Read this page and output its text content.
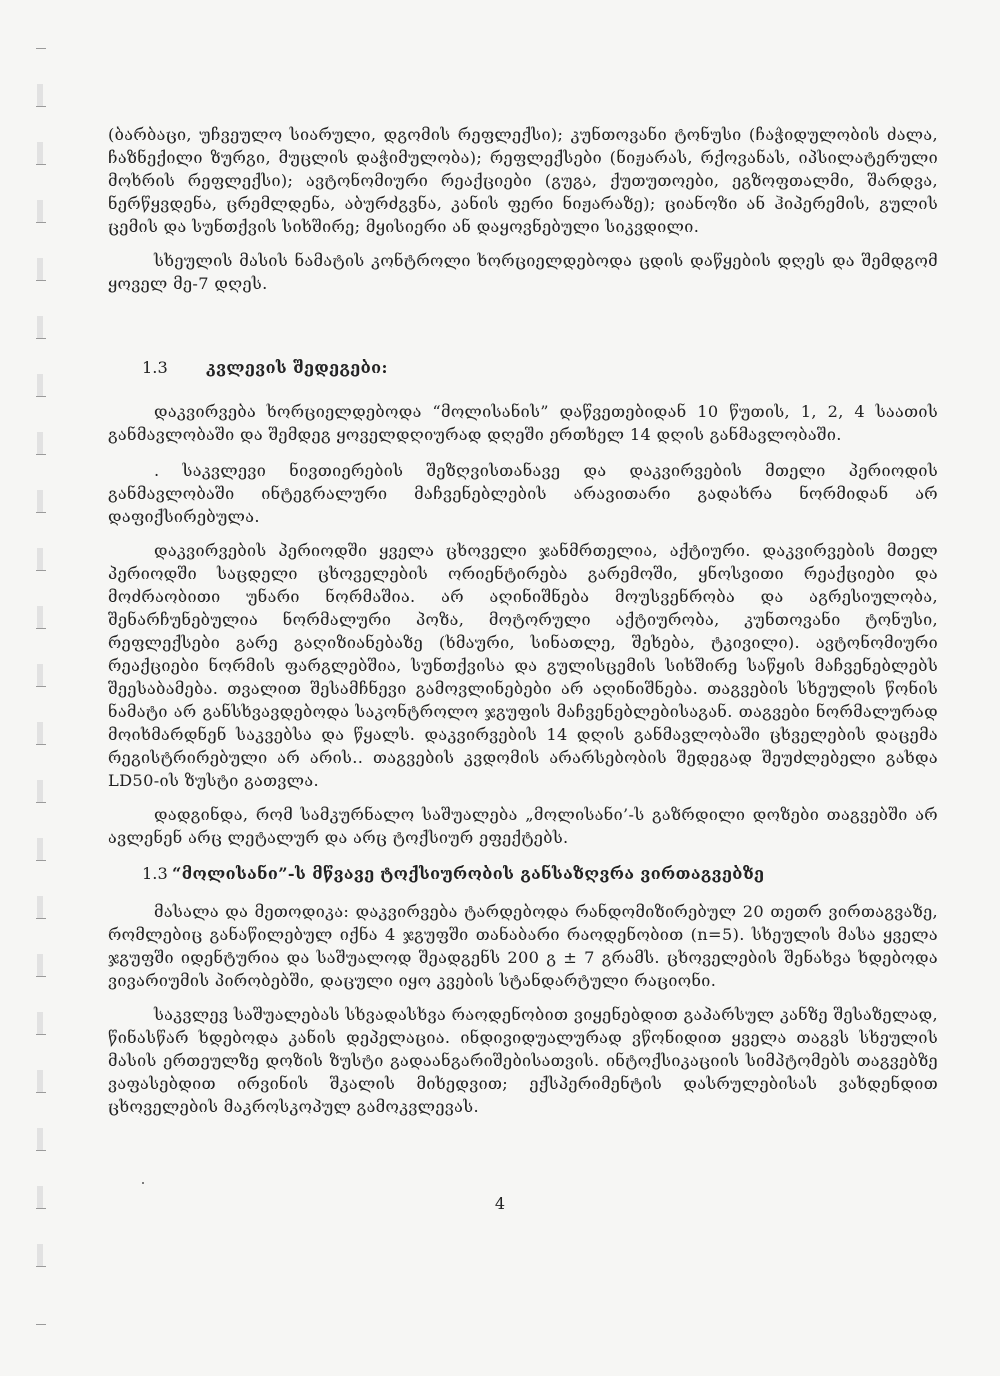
(ბარბაცი, უჩვეულო სიარული, დგომის რეფლექსი); კუნთოვანი ტონუსი (ჩაჭიდულობის ძალა, ჩაზნექილი ზურგი, მუცლის დაჭიმულობა); რეფლექსები (ნიჟარას, რქოვანას, იპსილატერული მოხრის რეფლექსი); ავტონომიური რეაქციები (გუგა, ქუთუთოები, ეგზოფთალმი, შარდვა, ნერწყვდენა, ცრემლდენა, აბურძგვნა, კანის ფერი ნიჟარაზე); ციანოზი ან ჰიპერემის, გულის ცემის და სუნთქვის სიხშირე; მყისიერი ან დაყოვნებული სიკვდილი.

სხეულის მასის ნამატის კონტროლი ხორციელდებოდა ცდის დაწყების დღეს და შემდგომ ყოველ მე-7 დღეს.

1.3	კვლევის შედეგები:

დაკვირვება ხორციელდებოდა “მოლისანის” დაწვეთებიდან 10 წუთის, 1, 2, 4 საათის განმავლობაში და შემდეგ ყოველდღიურად დღეში ერთხელ 14 დღის განმავლობაში.

. საკვლევი ნივთიერების შეზღვისთანავე და დაკვირვების მთელი პერიოდის განმავლობაში ინტეგრალური მაჩვენებლების არავითარი გადახრა ნორმიდან არ დაფიქსირებულა.

დაკვირვების პერიოდში ყველა ცხოველი ჯანმრთელია, აქტიური. დაკვირვების მთელ პერიოდში საცდელი ცხოველების ორიენტირება გარემოში, ყნოსვითი რეაქციები და მოძრაობითი უნარი ნორმაშია. არ აღინიშნება მოუსვენრობა და აგრესიულობა, შენარჩუნებულია ნორმალური პოზა, მოტორული აქტიურობა, კუნთოვანი ტონუსი, რეფლექსები გარე გაღიზიანებაზე (ხმაური, სინათლე, შეხება, ტკივილი). ავტონომიური რეაქციები ნორმის ფარგლებშია, სუნთქვისა და გულისცემის სიხშირე საწყის მაჩვენებლებს შეესაბამება. თვალით შესამჩნევი გამოვლინებები არ აღინიშნება. თაგვების სხეულის წონის ნამატი არ განსხვავდებოდა საკონტროლო ჯგუფის მაჩვენებლებისაგან. თაგვები ნორმალურად მოიხმარდნენ საკვებსა და წყალს. დაკვირვების 14 დღის განმავლობაში ცხველების დაცემა რეგისტრირებული არ არის.. თაგვების კვდომის არარსებობის შედეგად შეუძლებელი გახდა LD50-ის ზუსტი გათვლა.

დადგინდა, რომ სამკურნალო საშუალება „მოლისანი’-ს გაზრდილი დოზები თაგვებში არ ავლენენ არც ლეტალურ და არც ტოქსიურ ეფექტებს.

1.3 “მოლისანი”-ს მწვავე ტოქსიურობის განსაზღვრა ვირთაგვებზე

მასალა და მეთოდიკა: დაკვირვება ტარდებოდა რანდომიზირებულ 20 თეთრ ვირთაგვაზე, რომლებიც განაწილებულ იქნა 4 ჯგუფში თანაბარი რაოდენობით (n=5). სხეულის მასა ყველა ჯგუფში იდენტურია და საშუალოდ შეადგენს 200 გ ± 7 გრამს. ცხოველების შენახვა ხდებოდა ვივარიუმის პირობებში, დაცული იყო კვების სტანდარტული რაციონი.

საკვლევ საშუალებას სხვადასხვა რაოდენობით ვიყენებდით გაპარსულ კანზე შესაზელად, წინასწარ ხდებოდა კანის დეპელაცია. ინდივიდუალურად ვწონიდით ყველა თაგვს სხეულის მასის ერთეულზე დოზის ზუსტი გადაანგარიშებისათვის. ინტოქსიკაციის სიმპტომებს თაგვებზე ვაფასებდით ირვინის შკალის მიხედვით; ექსპერიმენტის დასრულებისას ვახდენდით ცხოველების მაკროსკოპულ გამოკვლევას.

4
